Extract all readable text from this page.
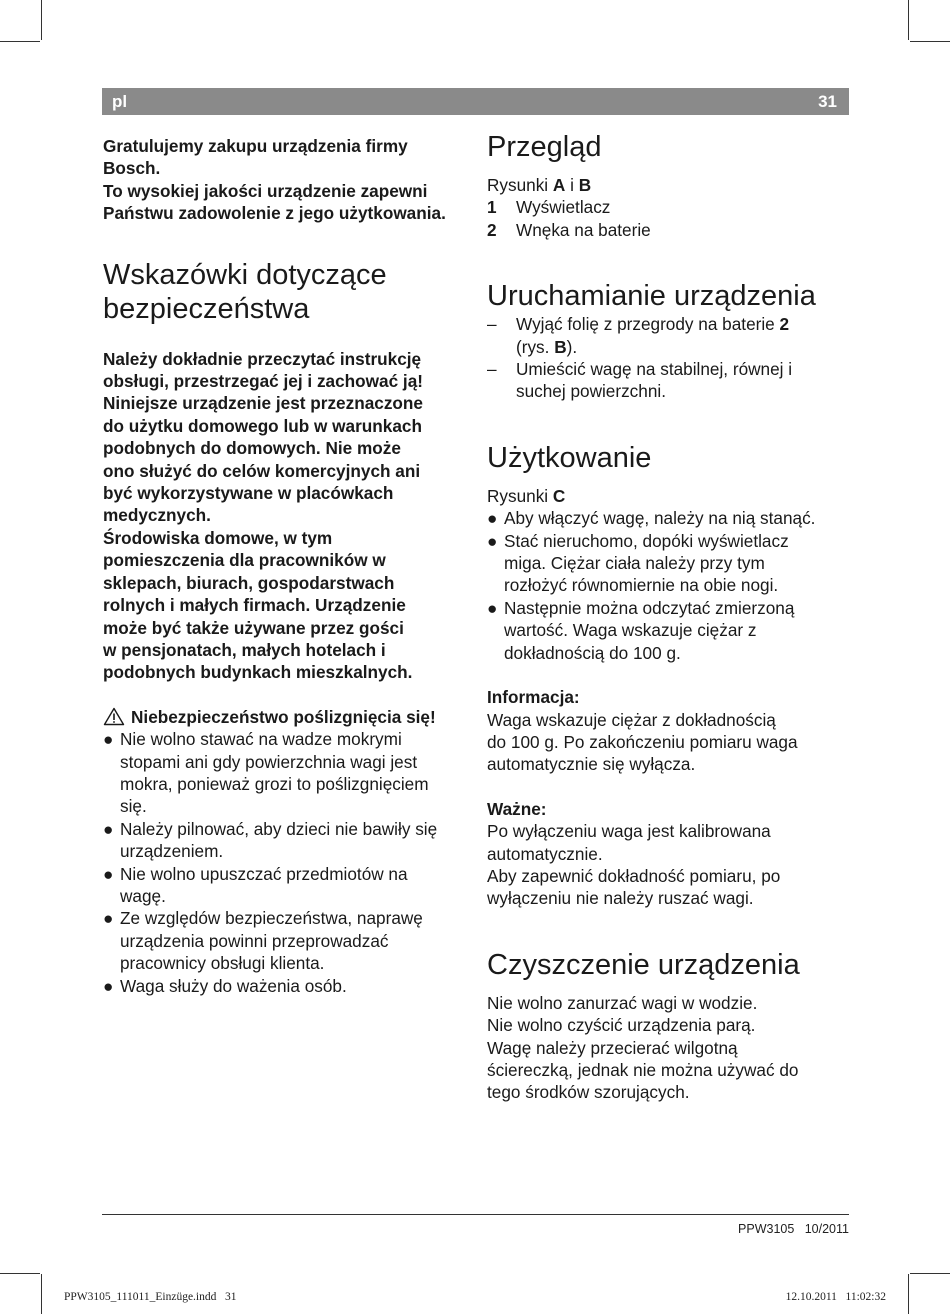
pl	31

Gratulujemy zakupu urządzenia firmy

Bosch.

To wysokiej jakości urządzenie zapewni

Państwu zadowolenie z jego użytkowania.

Wskazówki dotyczące
bezpieczeństwa

Należy dokładnie przeczytać instrukcję

obsługi, przestrzegać jej i zachować ją!

Niniejsze urządzenie jest przeznaczone

do użytku domowego lub w warunkach

podobnych do domowych. Nie może

ono służyć do celów komercyjnych ani

być wykorzystywane w placówkach

medycznych.

Środowiska domowe, w tym

pomieszczenia dla pracowników w

sklepach, biurach, gospodarstwach

rolnych i małych firmach. Urządzenie

może być także używane przez gości

w pensjonatach, małych hotelach i

podobnych budynkach mieszkalnych.

Niebezpieczeństwo poślizgnięcia się!
● Nie wolno stawać na wadze mokrymi
stopami ani gdy powierzchnia wagi jest
mokra, ponieważ grozi to poślizgnięciem
się.
● Należy pilnować, aby dzieci nie bawiły się
urządzeniem.
● Nie wolno upuszczać przedmiotów na
wagę.
● Ze względów bezpieczeństwa, naprawę
urządzenia powinni przeprowadzać
pracownicy obsługi klienta.
● Waga służy do ważenia osób.
Przegląd

Rysunki A i B

1	Wyświetlacz
2	Wnęka na baterie
Uruchamianie urządzenia
– Wyjąć folię z przegrody na baterie 2
(rys. B).
– Umieścić wagę na stabilnej, równej i
suchej powierzchni.
Użytkowanie

Rysunki C

● Aby włączyć wagę, należy na nią stanąć.
● Stać nieruchomo, dopóki wyświetlacz
miga. Ciężar ciała należy przy tym
rozłożyć równomiernie na obie nogi.
● Następnie można odczytać zmierzoną
wartość. Waga wskazuje ciężar z
dokładnością do 100 g.

Informacja:

Waga wskazuje ciężar z dokładnością

do 100 g. Po zakończeniu pomiaru waga

automatycznie się wyłącza.

Ważne:

Po wyłączeniu waga jest kalibrowana

automatycznie.

Aby zapewnić dokładność pomiaru, po

wyłączeniu nie należy ruszać wagi.

Czyszczenie urządzenia

Nie wolno zanurzać wagi w wodzie.

Nie wolno czyścić urządzenia parą.

Wagę należy przecierać wilgotną

ściereczką, jednak nie można używać do

tego środków szorujących.

PPW3105   10/2011
PPW3105_111011_Einzüge.indd   31	12.10.2011   11:02:32
